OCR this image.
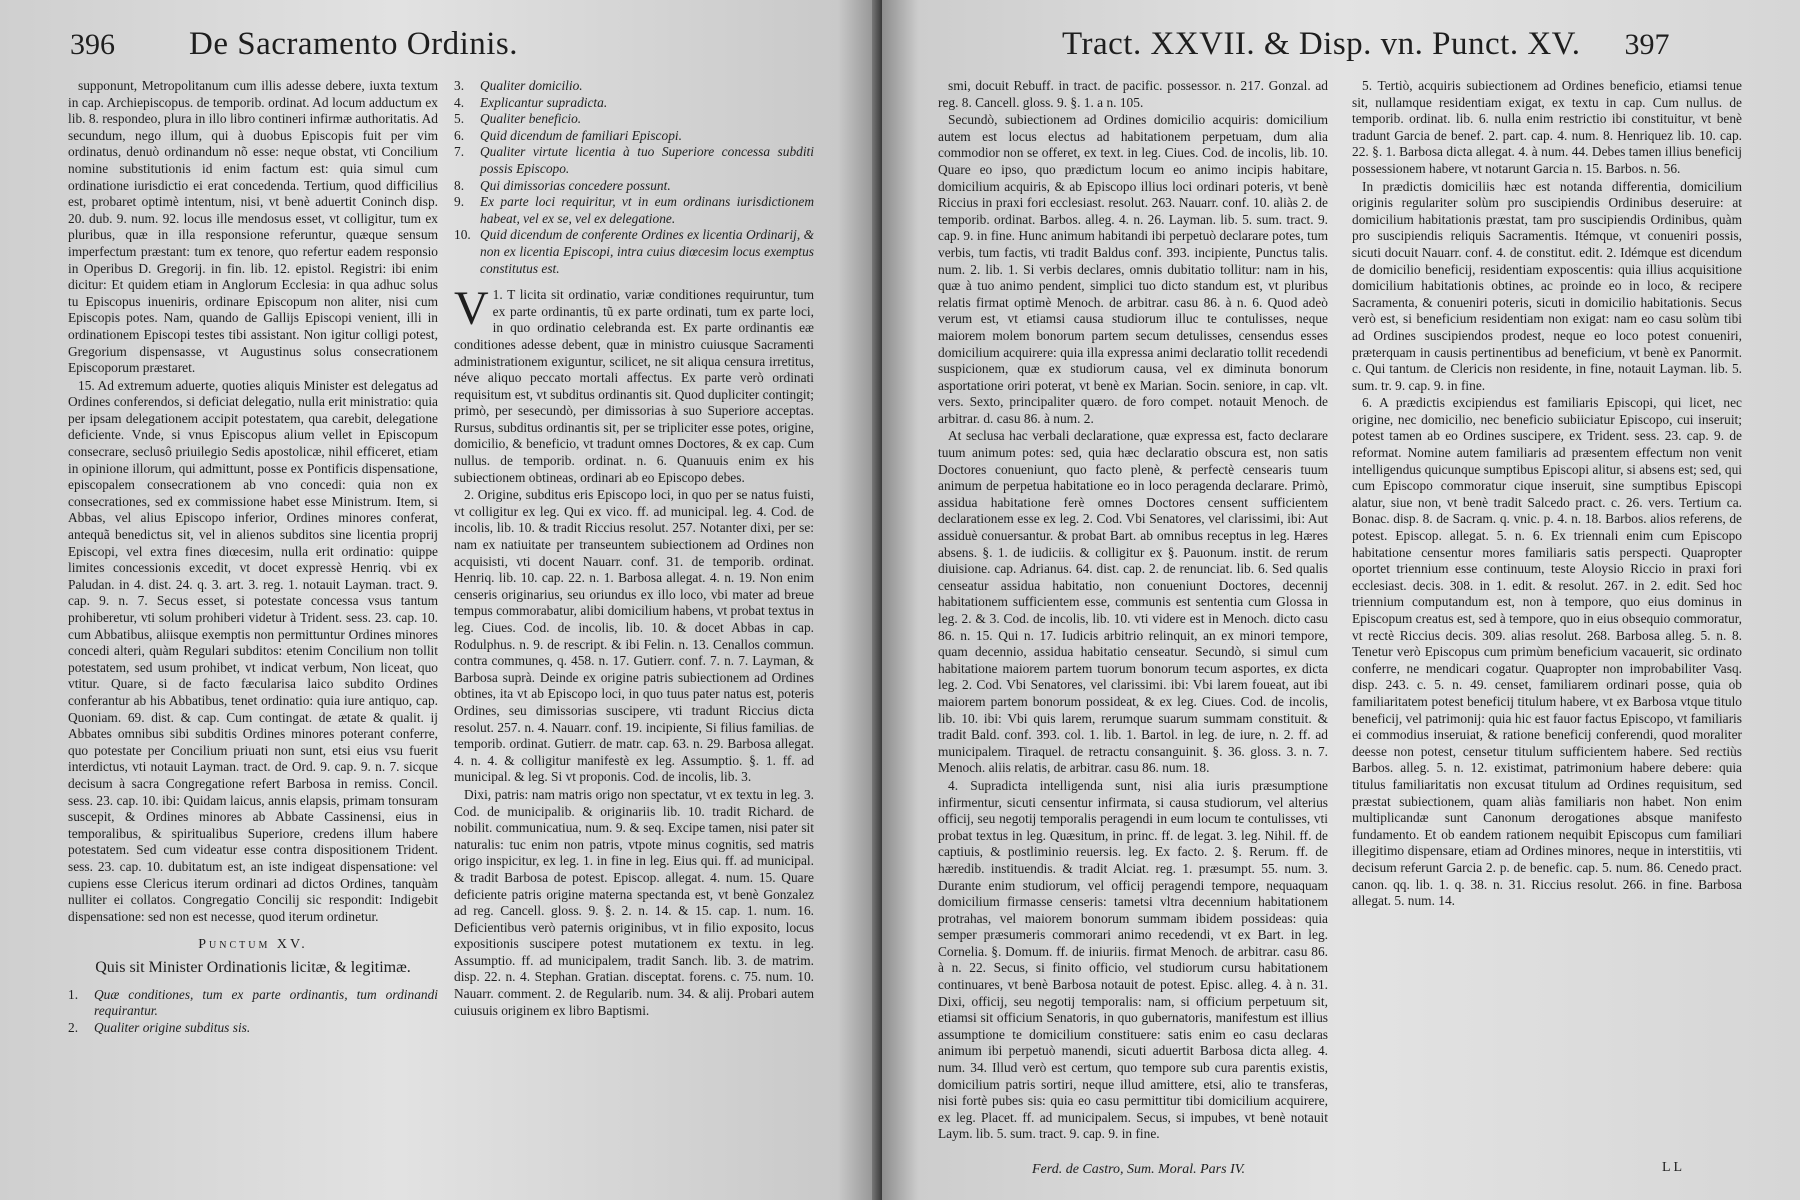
396 De Sacramento Ordinis.

supponunt, Metropolitanum cum illis adesse debere, iuxta textum in cap. Archiepiscopus. de temporib. ordinat. Ad locum adductum ex lib. 8. respondeo, plura in illo libro contineri infirmæ authoritatis. Ad secundum, nego illum, qui à duobus Episcopis fuit per vim ordinatus, denuò ordinandum nõ esse: neque obstat, vti Concilium nomine substitutionis id enim factum est: quia simul cum ordinatione iurisdictio ei erat concedenda. Tertium, quod difficilius est, probaret optimè intentum, nisi, vt benè aduertit Coninch disp. 20. dub. 9. num. 92. locus ille mendosus esset, vt colligitur, tum ex pluribus, quæ in illa responsione referuntur, quæque sensum imperfectum præstant: tum ex tenore, quo refertur eadem responsio in Operibus D. Gregorij. in fin. lib. 12. epistol. Registri: ibi enim dicitur: Et quidem etiam in Anglorum Ecclesia: in qua adhuc solus tu Episcopus inueniris, ordinare Episcopum non aliter, nisi cum Episcopis potes. Nam, quando de Gallijs Episcopi venient, illi in ordinationem Episcopi testes tibi assistant. Non igitur colligi potest, Gregorium dispensasse, vt Augustinus solus consecrationem Episcoporum præstaret.

15. Ad extremum aduerte, quoties aliquis Minister est delegatus ad Ordines conferendos, si deficiat delegatio, nulla erit ministratio: quia per ipsam delegationem accipit potestatem, qua carebit, delegatione deficiente. Vnde, si vnus Episcopus alium vellet in Episcopum consecrare, seclusô priuilegio Sedis apostolicæ, nihil efficeret, etiam in opinione illorum, qui admittunt, posse ex Pontificis dispensatione, episcopalem consecrationem ab vno concedi: quia non ex consecrationes, sed ex commissione habet esse Ministrum. Item, si Abbas, vel alius Episcopo inferior, Ordines minores conferat, antequã benedictus sit, vel in alienos subditos sine licentia proprij Episcopi, vel extra fines diœcesim, nulla erit ordinatio: quippe limites concessionis excedit, vt docet expressè Henriq. vbi ex Paludan. in 4. dist. 24. q. 3. art. 3. reg. 1. notauit Layman. tract. 9. cap. 9. n. 7. Secus esset, si potestate concessa vsus tantum prohiberetur, vti solum prohiberi videtur à Trident. sess. 23. cap. 10. cum Abbatibus, aliisque exemptis non permittuntur Ordines minores concedi alteri, quàm Regulari subditos: etenim Concilium non tollit potestatem, sed usum prohibet, vt indicat verbum, Non liceat, quo vtitur. Quare, si de facto fæcularisa laico subdito Ordines conferantur ab his Abbatibus, tenet ordinatio: quia iure antiquo, cap. Quoniam. 69. dist. & cap. Cum contingat. de ætate & qualit. ij Abbates omnibus sibi subditis Ordines minores poterant conferre, quo potestate per Concilium priuati non sunt, etsi eius vsu fuerit interdictus, vti notauit Layman. tract. de Ord. 9. cap. 9. n. 7. sicque decisum à sacra Congregatione refert Barbosa in remiss. Concil. sess. 23. cap. 10. ibi: Quidam laicus, annis elapsis, primam tonsuram suscepit, & Ordines minores ab Abbate Cassinensi, eius in temporalibus, & spiritualibus Superiore, credens illum habere potestatem. Sed cum videatur esse contra dispositionem Trident. sess. 23. cap. 10. dubitatum est, an iste indigeat dispensatione: vel cupiens esse Clericus iterum ordinari ad dictos Ordines, tanquàm nulliter ei collatos. Congregatio Concilij sic respondit: Indigebit dispensatione: sed non est necesse, quod iterum ordinetur.

Punctum XV.
Quis sit Minister Ordinationis licitæ, & legitimæ.
1.	Quæ conditiones, tum ex parte ordinantis, tum ordinandi requirantur.
2.	Qualiter origine subditus sis.
3.	Qualiter domicilio.
4.	Explicantur supradicta.
5.	Qualiter beneficio.
6.	Quid dicendum de familiari Episcopi.
7.	Qualiter virtute licentia à tuo Superiore concessa subditi possis Episcopo.
8.	Qui dimissorias concedere possunt.
9.	Ex parte loci requiritur, vt in eum ordinans iurisdictionem habeat, vel ex se, vel ex delegatione.
10. Quid dicendum de conferente Ordines ex licentia Ordinarij, & non ex licentia Episcopi, intra cuius diœcesim locus exemptus constitutus est.

V 1. T licita sit ordinatio, variæ conditiones requiruntur, tum ex parte ordinantis, tũ ex parte ordinati, tum ex parte loci, in quo ordinatio celebranda est. Ex parte ordinantis eæ conditiones adesse debent, quæ in ministro cuiusque Sacramenti administrationem exiguntur, scilicet, ne sit aliqua censura irretitus, néve aliquo peccato mortali affectus. Ex parte verò ordinati requisitum est, vt subditus ordinantis sit. Quod dupliciter contingit; primò, per sesecundò, per dimissorias à suo Superiore acceptas. Rursus, subditus ordinantis sit, per se tripliciter esse potes, origine, domicilio, & beneficio, vt tradunt omnes Doctores, & ex cap. Cum nullus. de temporib. ordinat. n. 6. Quanuuis enim ex his subiectionem obtineas, ordinari ab eo Episcopo debes.

2. Origine, subditus eris Episcopo loci, in quo per se natus fuisti, vt colligitur ex leg. Qui ex vico. ff. ad municipal. leg. 4. Cod. de incolis, lib. 10. & tradit Riccius resolut. 257. Notanter dixi, per se: nam ex natiuitate per transeuntem subiectionem ad Ordines non acquisisti, vti docent Nauarr. conf. 31. de temporib. ordinat. Henriq. lib. 10. cap. 22. n. 1. Barbosa allegat. 4. n. 19. Non enim censeris originarius, seu oriundus ex illo loco, vbi mater ad breue tempus commorabatur, alibi domicilium habens, vt probat textus in leg. Ciues. Cod. de incolis, lib. 10. & docet Abbas in cap. Rodulphus. n. 9. de rescript. & ibi Felin. n. 13. Cenallos commun. contra communes, q. 458. n. 17. Gutierr. conf. 7. n. 7. Layman, & Barbosa suprà. Deinde ex origine patris subiectionem ad Ordines obtines, ita vt ab Episcopo loci, in quo tuus pater natus est, poteris Ordines, seu dimissorias suscipere, vti tradunt Riccius dicta resolut. 257. n. 4. Nauarr. conf. 19. incipiente, Si filius familias. de temporib. ordinat. Gutierr. de matr. cap. 63. n. 29. Barbosa allegat. 4. n. 4. & colligitur manifestè ex leg. Assumptio. §. 1. ff. ad municipal. & leg. Si vt proponis. Cod. de incolis, lib. 3.

Dixi, patris: nam matris origo non spectatur, vt ex textu in leg. 3. Cod. de municipalib. & originariis lib. 10. tradit Richard. de nobilit. communicatiua, num. 9. & seq. Excipe tamen, nisi pater sit naturalis: tuc enim non patris, vtpote minus cognitis, sed matris origo inspicitur, ex leg. 1. in fine in leg. Eius qui. ff. ad municipal. & tradit Barbosa de potest. Episcop. allegat. 4. num. 15. Quare deficiente patris origine materna spectanda est, vt benè Gonzalez ad reg. Cancell. gloss. 9. §. 2. n. 14. & 15. cap. 1. num. 16. Deficientibus verò paternis originibus, vt in filio exposito, locus expositionis suscipere potest mutationem ex textu. in leg. Assumptio. ff. ad municipalem, tradit Sanch. lib. 3. de matrim. disp. 22. n. 4. Stephan. Gratian. disceptat. forens. c. 75. num. 10. Nauarr. comment. 2. de Regularib. num. 34. & alij. Probari autem cuiusuis originem ex libro Baptismi.

Tract. XXVII. & Disp. vn. Punct. XV. 397

smi, docuit Rebuff. in tract. de pacific. possessor. n. 217. Gonzal. ad reg. 8. Cancell. gloss. 9. §. 1. a n. 105.

Secundò, subiectionem ad Ordines domicilio acquiris: domicilium autem est locus electus ad habitationem perpetuam, dum alia commodior non se offeret, ex text. in leg. Ciues. Cod. de incolis, lib. 10. Quare eo ipso, quo prædictum locum eo animo incipis habitare, domicilium acquiris, & ab Episcopo illius loci ordinari poteris, vt benè Riccius in praxi fori ecclesiast. resolut. 263. Nauarr. conf. 10. aliàs 2. de temporib. ordinat. Barbos. alleg. 4. n. 26. Layman. lib. 5. sum. tract. 9. cap. 9. in fine. Hunc animum habitandi ibi perpetuò declarare potes, tum verbis, tum factis, vti tradit Baldus conf. 393. incipiente, Punctus talis. num. 2. lib. 1. Si verbis declares, omnis dubitatio tollitur: nam in his, quæ à tuo animo pendent, simplici tuo dicto standum est, vt pluribus relatis firmat optimè Menoch. de arbitrar. casu 86. à n. 6. Quod adeò verum est, vt etiamsi causa studiorum illuc te contulisses, neque maiorem molem bonorum partem secum detulisses, censendus esses domicilium acquirere: quia illa expressa animi declaratio tollit recedendi suspicionem, quæ ex studiorum causa, vel ex diminuta bonorum asportatione oriri poterat, vt benè ex Marian. Socin. seniore, in cap. vlt. vers. Sexto, principaliter quæro. de foro compet. notauit Menoch. de arbitrar. d. casu 86. à num. 2.

At seclusa hac verbali declaratione, quæ expressa est, facto declarare tuum animum potes: sed, quia hæc declaratio obscura est, non satis Doctores conueniunt, quo facto plenè, & perfectè censearis tuum animum de perpetua habitatione eo in loco peragenda declarare. Primò, assidua habitatione ferè omnes Doctores censent sufficientem declarationem esse ex leg. 2. Cod. Vbi Senatores, vel clarissimi, ibi: Aut assiduè conuersantur. & probat Bart. ab omnibus receptus in leg. Hæres absens. §. 1. de iudiciis. & colligitur ex §. Pauonum. instit. de rerum diuisione. cap. Adrianus. 64. dist. cap. 2. de renunciat. lib. 6. Sed qualis censeatur assidua habitatio, non conueniunt Doctores, decennij habitationem sufficientem esse, communis est sententia cum Glossa in leg. 2. & 3. Cod. de incolis, lib. 10. vti videre est in Menoch. dicto casu 86. n. 15. Qui n. 17. Iudicis arbitrio relinquit, an ex minori tempore, quam decennio, assidua habitatio censeatur. Secundò, si simul cum habitatione maiorem partem tuorum bonorum tecum asportes, ex dicta leg. 2. Cod. Vbi Senatores, vel clarissimi. ibi: Vbi larem foueat, aut ibi maiorem partem bonorum possideat, & ex leg. Ciues. Cod. de incolis, lib. 10. ibi: Vbi quis larem, rerumque suarum summam constituit. & tradit Bald. conf. 393. col. 1. lib. 1. Bartol. in leg. de iure, n. 2. ff. ad municipalem. Tiraquel. de retractu consanguinit. §. 36. gloss. 3. n. 7. Menoch. aliis relatis, de arbitrar. casu 86. num. 18.

4. Supradicta intelligenda sunt, nisi alia iuris præsumptione infirmentur, sicuti censentur infirmata, si causa studiorum, vel alterius officij, seu negotij temporalis peragendi in eum locum te contulisses, vti probat textus in leg. Quæsitum, in princ. ff. de legat. 3. leg. Nihil. ff. de captiuis, & postliminio reuersis. leg. Ex facto. 2. §. Rerum. ff. de hæredib. instituendis. & tradit Alciat. reg. 1. præsumpt. 55. num. 3. Durante enim studiorum, vel officij peragendi tempore, nequaquam domicilium firmasse censeris: tametsi vltra decennium habitationem protrahas, vel maiorem bonorum summam ibidem possideas: quia semper præsumeris commorari animo recedendi, vt ex Bart. in leg. Cornelia. §. Domum. ff. de iniuriis. firmat Menoch. de arbitrar. casu 86. à n. 22. Secus, si finito officio, vel studiorum cursu habitationem continuares, vt benè Barbosa notauit de potest. Episc. alleg. 4. à n. 31. Dixi, officij, seu negotij temporalis: nam, si officium perpetuum sit, etiamsi sit officium Senatoris, in quo gubernatoris, manifestum est illius assumptione te domicilium constituere: satis enim eo casu declaras animum ibi perpetuò manendi, sicuti aduertit Barbosa dicta alleg. 4. num. 34. Illud verò est certum, quo tempore sub cura parentis existis, domicilium patris sortiri, neque illud amittere, etsi, alio te transferas, nisi fortè pubes sis: quia eo casu permittitur tibi domicilium acquirere, ex leg. Placet. ff. ad municipalem. Secus, si impubes, vt benè notauit Laym. lib. 5. sum. tract. 9. cap. 9. in fine.

5. Tertiò, acquiris subiectionem ad Ordines beneficio, etiamsi tenue sit, nullamque residentiam exigat, ex textu in cap. Cum nullus. de temporib. ordinat. lib. 6. nulla enim restrictio ibi constituitur, vt benè tradunt Garcia de benef. 2. part. cap. 4. num. 8. Henriquez lib. 10. cap. 22. §. 1. Barbosa dicta allegat. 4. à num. 44. Debes tamen illius beneficij possessionem habere, vt notarunt Garcia n. 15. Barbos. n. 56.

In prædictis domiciliis hæc est notanda differentia, domicilium originis regulariter solùm pro suscipiendis Ordinibus deseruire: at domicilium habitationis præstat, tam pro suscipiendis Ordinibus, quàm pro suscipiendis reliquis Sacramentis. Itémque, vt conueniri possis, sicuti docuit Nauarr. conf. 4. de constitut. edit. 2. Idémque est dicendum de domicilio beneficij, residentiam exposcentis: quia illius acquisitione domicilium habitationis obtines, ac proinde eo in loco, & recipere Sacramenta, & conueniri poteris, sicuti in domicilio habitationis. Secus verò est, si beneficium residentiam non exigat: nam eo casu solùm tibi ad Ordines suscipiendos prodest, neque eo loco potest conueniri, præterquam in causis pertinentibus ad beneficium, vt benè ex Panormit. c. Qui tantum. de Clericis non residente, in fine, notauit Layman. lib. 5. sum. tr. 9. cap. 9. in fine.

6. A prædictis excipiendus est familiaris Episcopi, qui licet, nec origine, nec domicilio, nec beneficio subiiciatur Episcopo, cui inseruit; potest tamen ab eo Ordines suscipere, ex Trident. sess. 23. cap. 9. de reformat. Nomine autem familiaris ad præsentem effectum non venit intelligendus quicunque sumptibus Episcopi alitur, si absens est; sed, qui cum Episcopo commoratur cique inseruit, sine sumptibus Episcopi alatur, siue non, vt benè tradit Salcedo pract. c. 26. vers. Tertium ca. Bonac. disp. 8. de Sacram. q. vnic. p. 4. n. 18. Barbos. alios referens, de potest. Episcop. allegat. 5. n. 6. Ex triennali enim cum Episcopo habitatione censentur mores familiaris satis perspecti. Quapropter oportet triennium esse continuum, teste Aloysio Riccio in praxi fori ecclesiast. decis. 308. in 1. edit. & resolut. 267. in 2. edit. Sed hoc triennium computandum est, non à tempore, quo eius dominus in Episcopum creatus est, sed à tempore, quo in eius obsequio commoratur, vt rectè Riccius decis. 309. alias resolut. 268. Barbosa alleg. 5. n. 8. Tenetur verò Episcopus cum primùm beneficium vacauerit, sic ordinato conferre, ne mendicari cogatur. Quapropter non improbabiliter Vasq. disp. 243. c. 5. n. 49. censet, familiarem ordinari posse, quia ob familiaritatem potest beneficij titulum habere, vt ex Barbosa vtque titulo beneficij, vel patrimonij: quia hic est fauor factus Episcopo, vt familiaris ei commodius inseruiat, & ratione beneficij conferendi, quod moraliter deesse non potest, censetur titulum sufficientem habere. Sed rectiùs Barbos. alleg. 5. n. 12. existimat, patrimonium habere debere: quia titulus familiaritatis non excusat titulum ad Ordines requisitum, sed præstat subiectionem, quam aliàs familiaris non habet. Non enim multiplicandæ sunt Canonum derogationes absque manifesto fundamento. Et ob eandem rationem nequibit Episcopus cum familiari illegitimo dispensare, etiam ad Ordines minores, neque in interstitiis, vti decisum referunt Garcia 2. p. de benefic. cap. 5. num. 86. Cenedo pract. canon. qq. lib. 1. q. 38. n. 31. Riccius resolut. 266. in fine. Barbosa allegat. 5. num. 14.

Ferd. de Castro, Sum. Moral. Pars IV.	L L
